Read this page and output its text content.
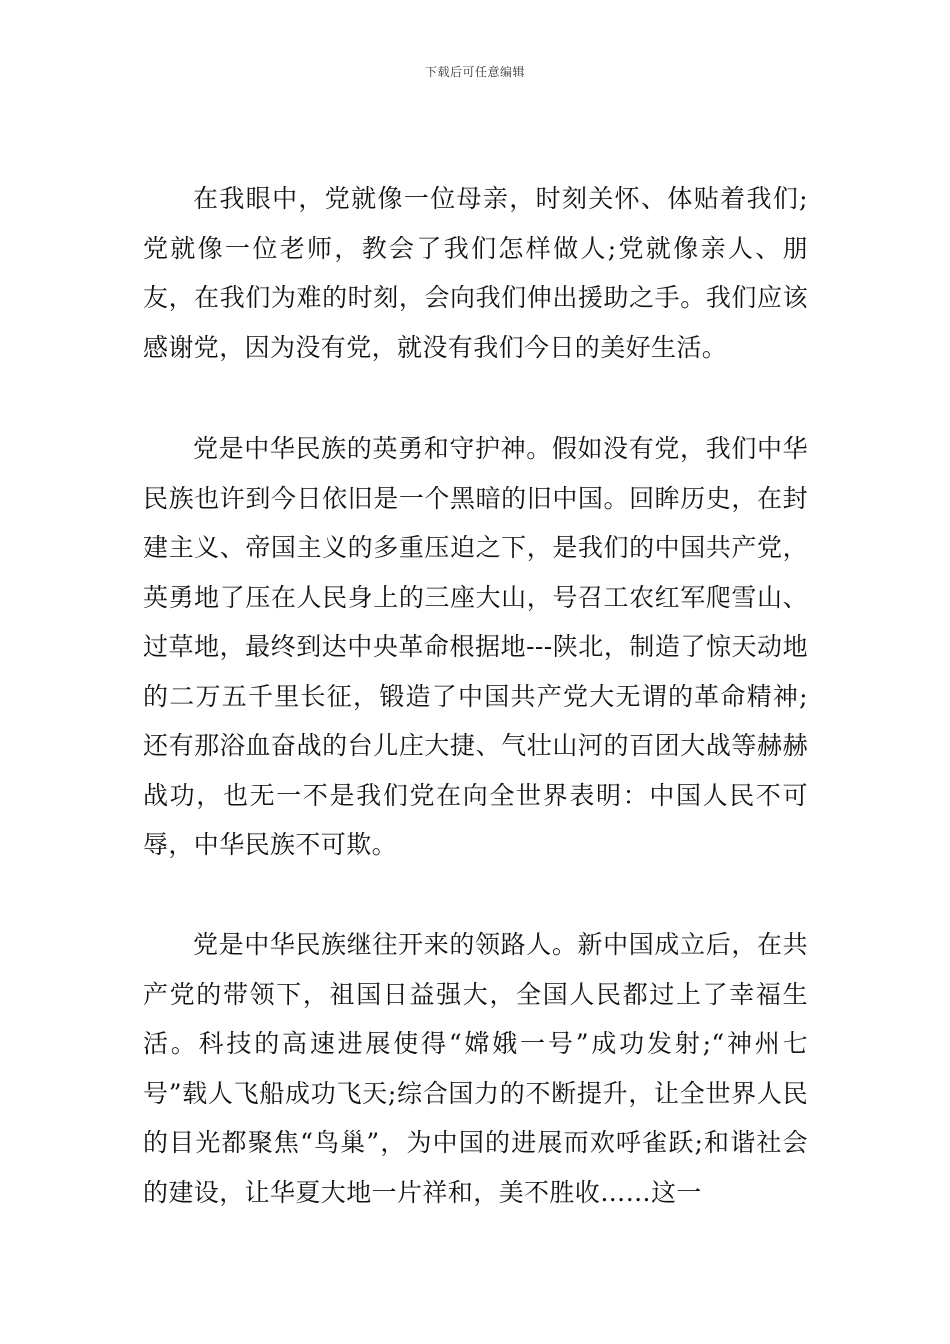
下载后可任意编辑

在我眼中，党就像一位母亲，时刻关怀、体贴着我们;党就像一位老师，教会了我们怎样做人;党就像亲人、朋友，在我们为难的时刻，会向我们伸出援助之手。我们应该感谢党，因为没有党，就没有我们今日的美好生活。

党是中华民族的英勇和守护神。假如没有党，我们中华民族也许到今日依旧是一个黑暗的旧中国。回眸历史，在封建主义、帝国主义的多重压迫之下，是我们的中国共产党，英勇地了压在人民身上的三座大山，号召工农红军爬雪山、过草地，最终到达中央革命根据地---陕北，制造了惊天动地的二万五千里长征，锻造了中国共产党大无谓的革命精神;还有那浴血奋战的台儿庄大捷、气壮山河的百团大战等赫赫战功，也无一不是我们党在向全世界表明：中国人民不可辱，中华民族不可欺。

党是中华民族继往开来的领路人。新中国成立后，在共产党的带领下，祖国日益强大，全国人民都过上了幸福生活。科技的高速进展使得“嫦娥一号”成功发射;“神州七号”载人飞船成功飞天;综合国力的不断提升，让全世界人民的目光都聚焦“鸟巢”，为中国的进展而欢呼雀跃;和谐社会的建设，让华夏大地一片祥和，美不胜收……这一
